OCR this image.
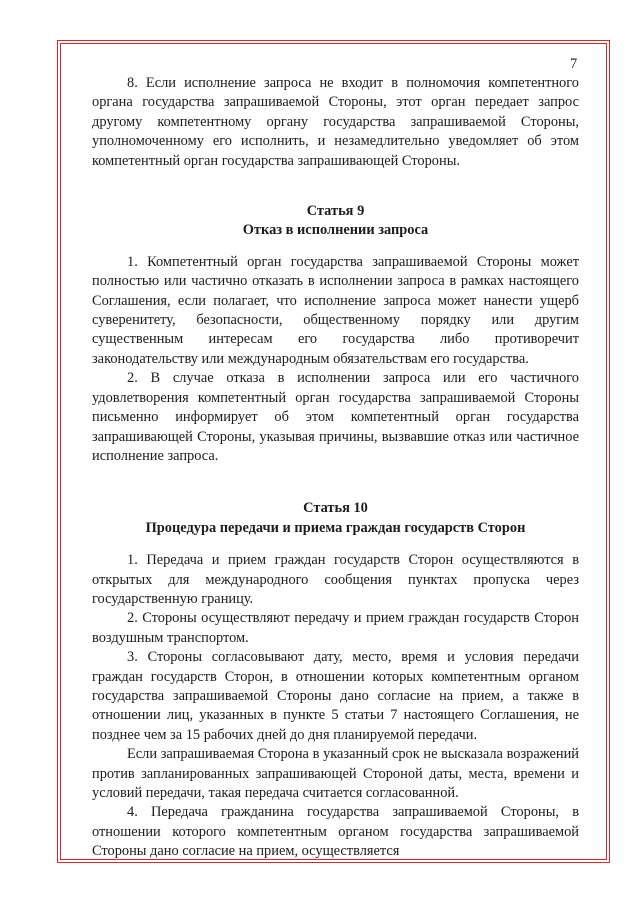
7

8. Если исполнение запроса не входит в полномочия компетентного органа государства запрашиваемой Стороны, этот орган передает запрос другому компетентному органу государства запрашиваемой Стороны, уполномоченному его исполнить, и незамедлительно уведомляет об этом компетентный орган государства запрашивающей Стороны.

Статья 9
Отказ в исполнении запроса

1. Компетентный орган государства запрашиваемой Стороны может полностью или частично отказать в исполнении запроса в рамках настоящего Соглашения, если полагает, что исполнение запроса может нанести ущерб суверенитету, безопасности, общественному порядку или другим существенным интересам его государства либо противоречит законодательству или международным обязательствам его государства.

2. В случае отказа в исполнении запроса или его частичного удовлетворения компетентный орган государства запрашиваемой Стороны письменно информирует об этом компетентный орган государства запрашивающей Стороны, указывая причины, вызвавшие отказ или частичное исполнение запроса.

Статья 10
Процедура передачи и приема граждан государств Сторон

1. Передача и прием граждан государств Сторон осуществляются в открытых для международного сообщения пунктах пропуска через государственную границу.

2. Стороны осуществляют передачу и прием граждан государств Сторон воздушным транспортом.

3. Стороны согласовывают дату, место, время и условия передачи граждан государств Сторон, в отношении которых компетентным органом государства запрашиваемой Стороны дано согласие на прием, а также в отношении лиц, указанных в пункте 5 статьи 7 настоящего Соглашения, не позднее чем за 15 рабочих дней до дня планируемой передачи.

Если запрашиваемая Сторона в указанный срок не высказала возражений против запланированных запрашивающей Стороной даты, места, времени и условий передачи, такая передача считается согласованной.

4. Передача гражданина государства запрашиваемой Стороны, в отношении которого компетентным органом государства запрашиваемой Стороны дано согласие на прием, осуществляется
